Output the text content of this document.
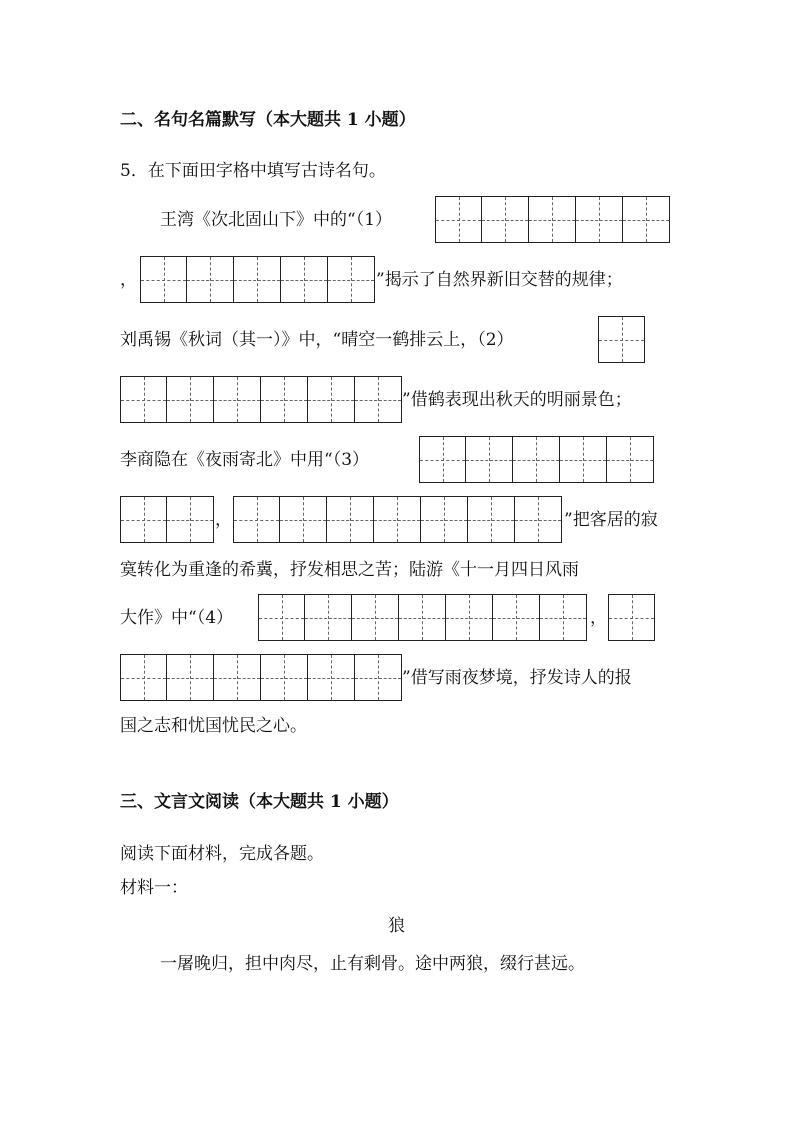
二、名句名篇默写（本大题共 1 小题）
5．在下面田字格中填写古诗名句。
王湾《次北固山下》中的“（1）
，	”揭示了自然界新旧交替的规律；
刘禹锡《秋词（其一）》中，“晴空一鹤排云上，（2）
”借鹤表现出秋天的明丽景色；
李商隐在《夜雨寄北》中用“（3）
，	”把客居的寂
寞转化为重逢的希冀，抒发相思之苦；陆游《十一月四日风雨
大作》中“（4）	，
”借写雨夜梦境，抒发诗人的报
国之志和忧国忧民之心。
三、文言文阅读（本大题共 1 小题）
阅读下面材料，完成各题。
材料一：
狼
一屠晚归，担中肉尽，止有剩骨。途中两狼，缀行甚远。
